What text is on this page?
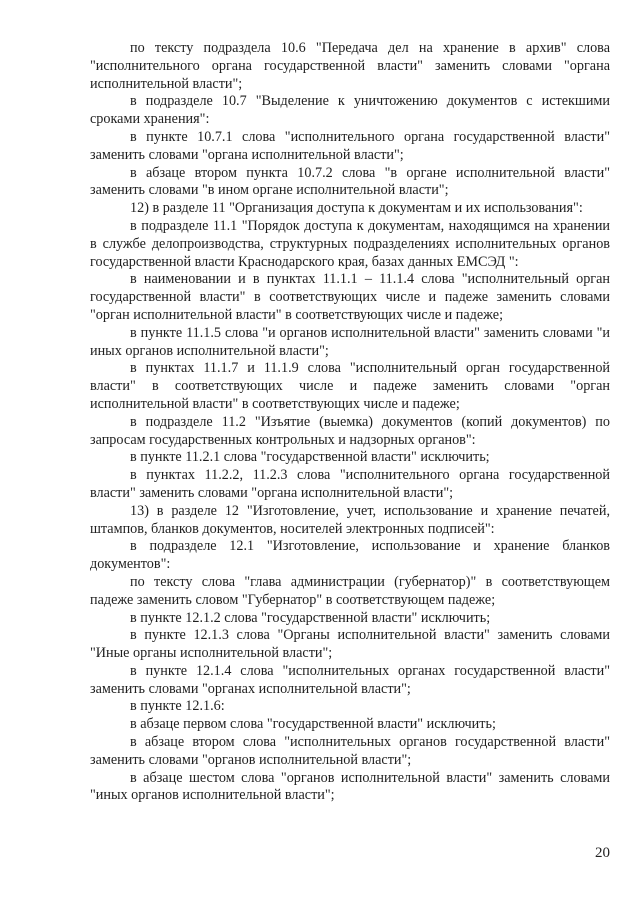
по тексту подраздела 10.6 "Передача дел на хранение в архив" слова "исполнительного органа государственной власти" заменить словами "органа исполнительной власти";

в подразделе 10.7 "Выделение к уничтожению документов с истекшими сроками хранения":

в пункте 10.7.1 слова "исполнительного органа государственной власти" заменить словами "органа исполнительной власти";

в абзаце втором пункта 10.7.2 слова "в органе исполнительной власти" заменить словами "в ином органе исполнительной власти";

12) в разделе 11 "Организация доступа к документам и их использования":

в подразделе 11.1 "Порядок доступа к документам, находящимся на хранении в службе делопроизводства, структурных подразделениях исполнительных органов государственной власти Краснодарского края, базах данных ЕМСЭД ":

в наименовании и в пунктах 11.1.1 – 11.1.4 слова "исполнительный орган государственной власти" в соответствующих числе и падеже заменить словами "орган исполнительной власти" в соответствующих числе и падеже;

в пункте 11.1.5 слова "и органов исполнительной власти" заменить словами "и иных органов исполнительной власти";

в пунктах 11.1.7 и 11.1.9 слова "исполнительный орган государственной власти" в соответствующих числе и падеже заменить словами "орган исполнительной власти" в соответствующих числе и падеже;

в подразделе 11.2 "Изъятие (выемка) документов (копий документов) по запросам государственных контрольных и надзорных органов":

в пункте 11.2.1 слова "государственной власти" исключить;

в пунктах 11.2.2, 11.2.3 слова "исполнительного органа государственной власти" заменить словами "органа исполнительной власти";

13) в разделе 12 "Изготовление, учет, использование и хранение печатей, штампов, бланков документов, носителей электронных подписей":

в подразделе 12.1 "Изготовление, использование и хранение бланков документов":

по тексту слова "глава администрации (губернатор)" в соответствующем падеже заменить словом "Губернатор" в соответствующем падеже;

в пункте 12.1.2 слова "государственной власти" исключить;

в пункте 12.1.3 слова "Органы исполнительной власти" заменить словами "Иные органы исполнительной власти";

в пункте 12.1.4 слова "исполнительных органах государственной власти" заменить словами "органах исполнительной власти";

в пункте 12.1.6:

в абзаце первом слова "государственной власти" исключить;

в абзаце втором слова "исполнительных органов государственной власти" заменить словами "органов исполнительной власти";

в абзаце шестом слова "органов исполнительной власти" заменить словами "иных органов исполнительной власти";

20
